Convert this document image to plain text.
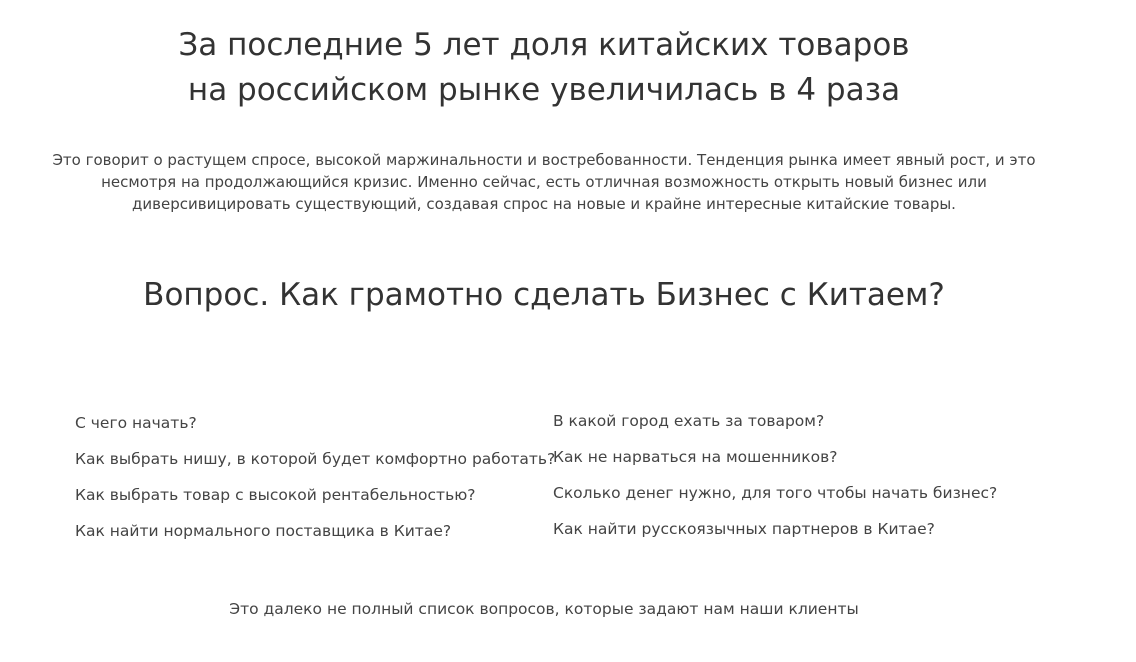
За последние 5 лет доля китайских товаров
на российском рынке увеличилась в 4 раза

Это говорит о растущем спросе, высокой маржинальности и востребованности. Тенденция рынка имеет явный рост, и это
несмотря на продолжающийся кризис. Именно сейчас, есть отличная возможность открыть новый бизнес или
диверсивицировать существующий, создавая спрос на новые и крайне интересные китайские товары.

Вопрос. Как грамотно сделать Бизнес с Китаем?
С чего начать?
Как выбрать нишу, в которой будет комфортно работать?
Как выбрать товар с высокой рентабельностью?
Как найти нормального поставщика в Китае?
В какой город ехать за товаром?
Как не нарваться на мошенников?
Сколько денег нужно, для того чтобы начать бизнес?
Как найти русскоязычных партнеров в Китае?

Это далеко не полный список вопросов, которые задают нам наши клиенты
